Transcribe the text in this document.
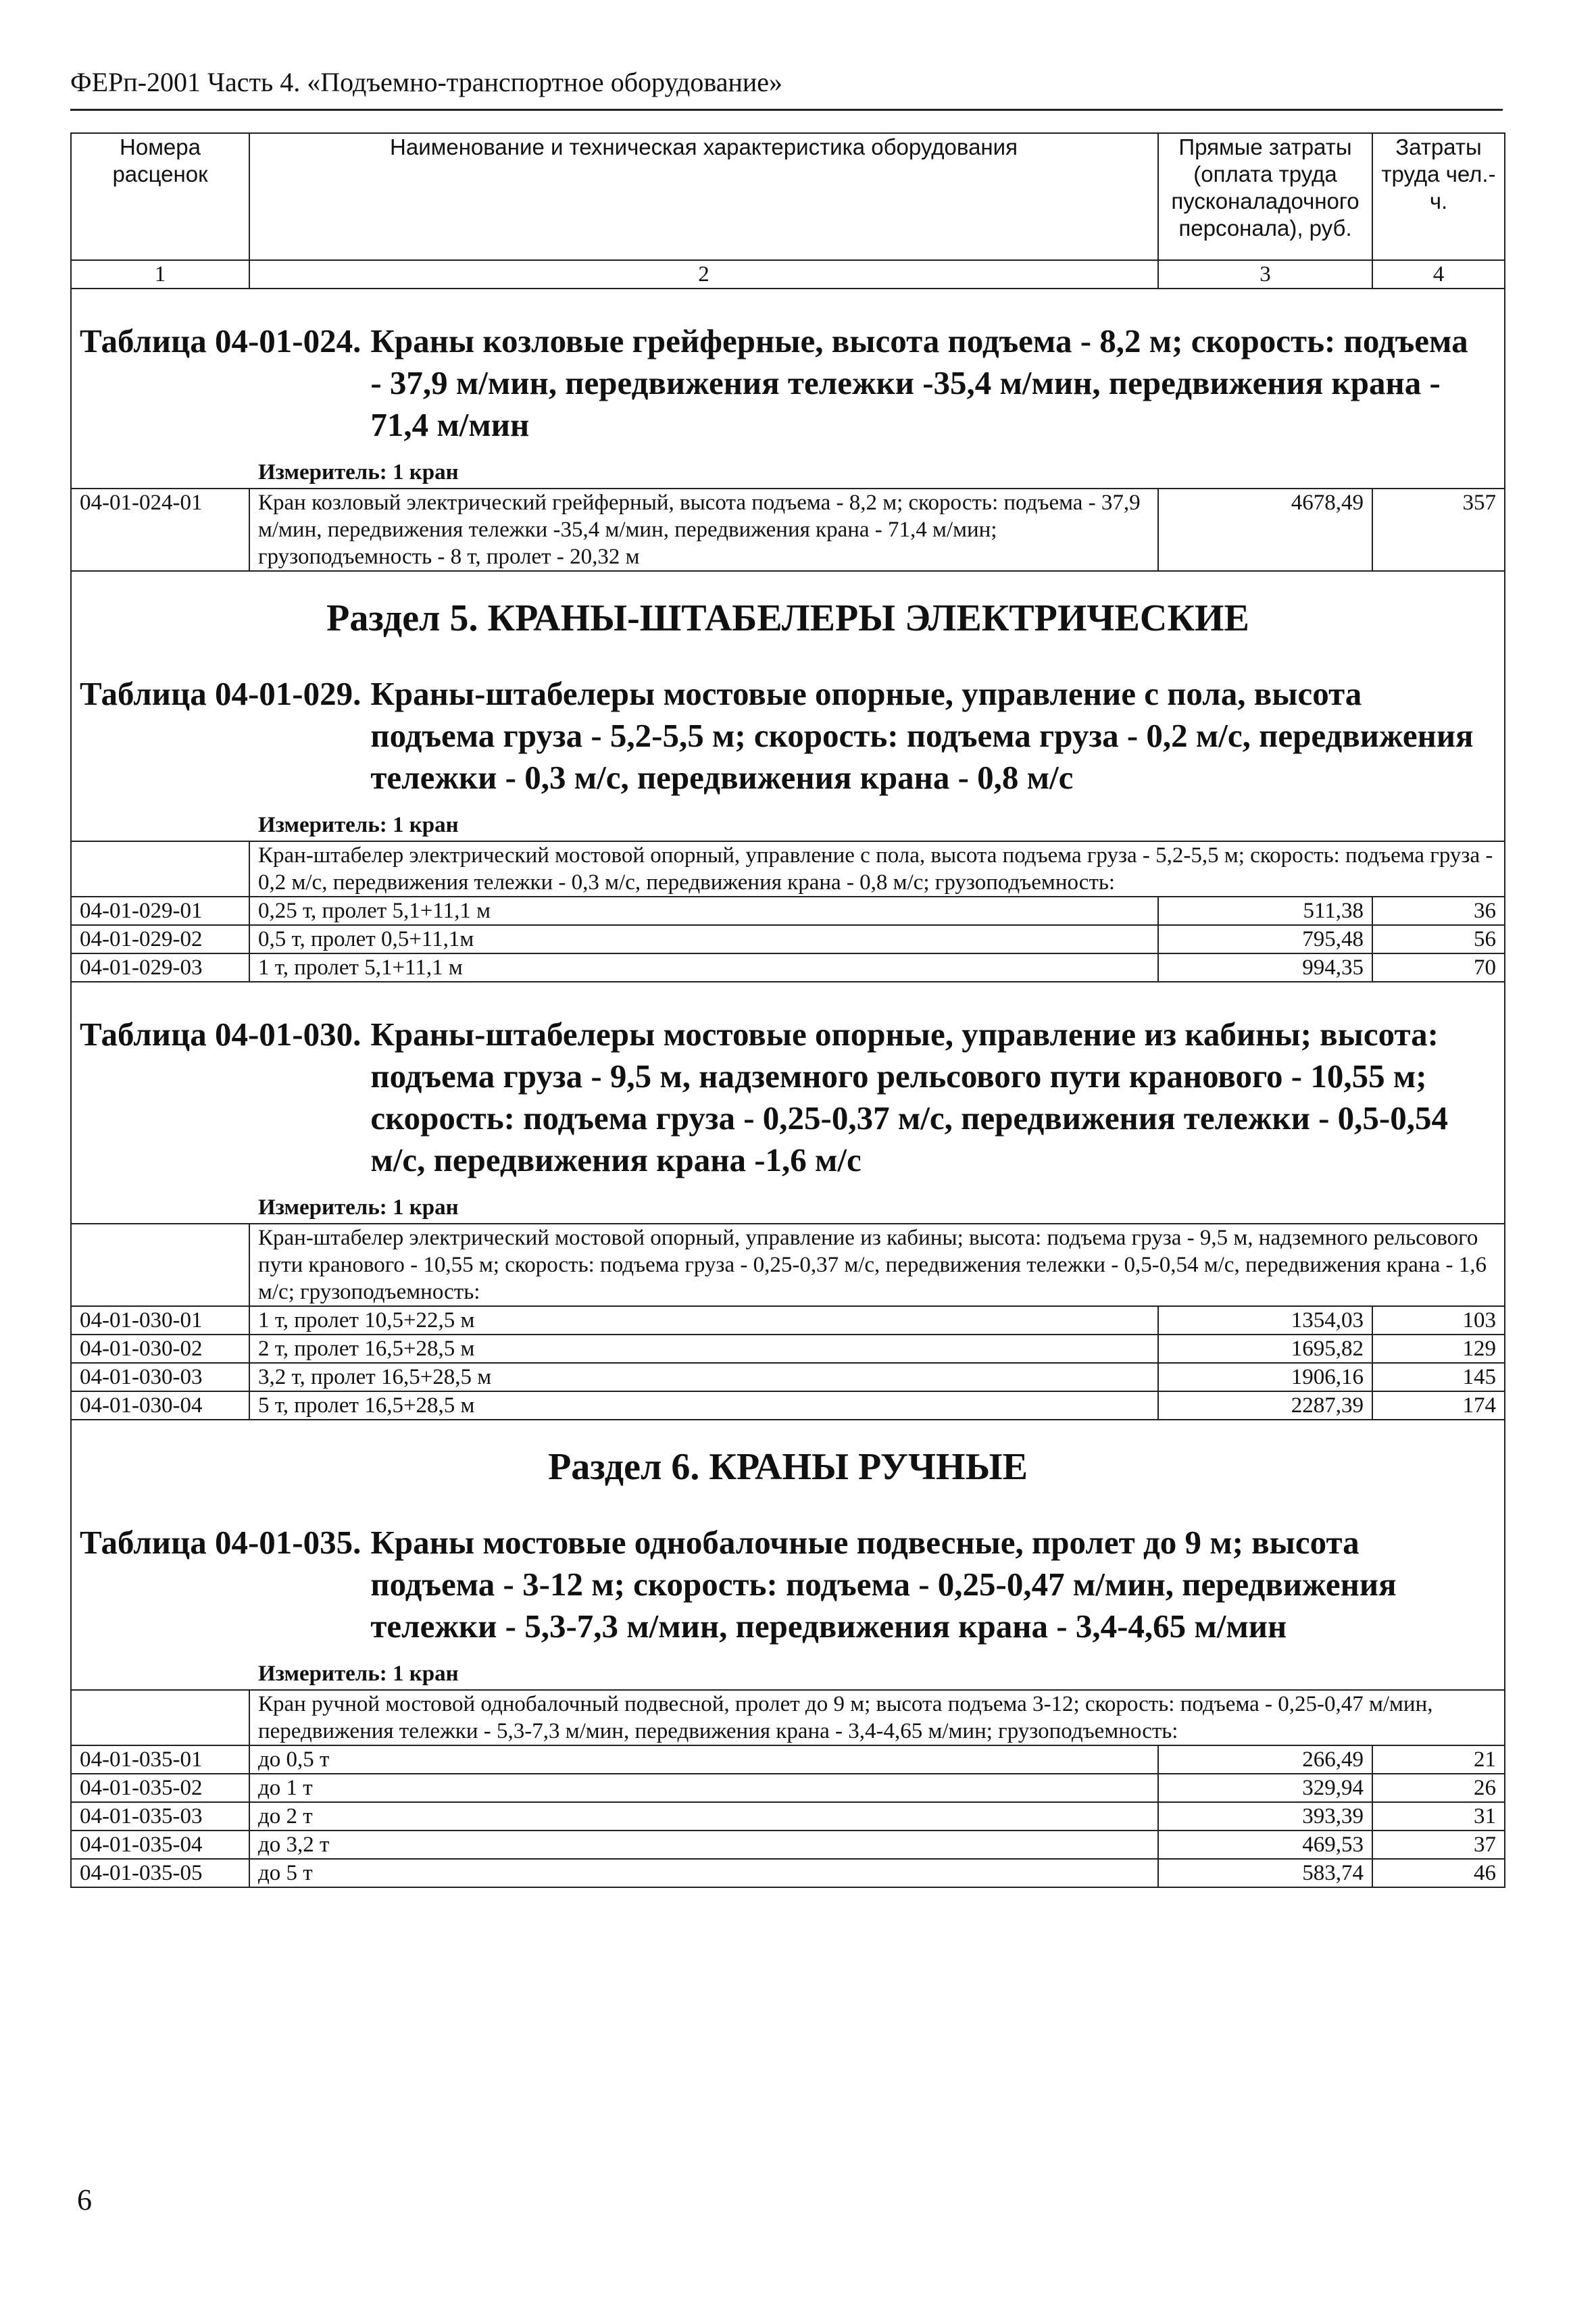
ФЕРп-2001 Часть 4. «Подъемно-транспортное оборудование»
Номера расценок	Наименование и техническая характеристика оборудования	Прямые затраты (оплата труда пусконаладочного персонала), руб.	Затраты труда чел.-ч.
1	2	3	4

Таблица 04-01-024. Краны козловые грейферные, высота подъема - 8,2 м; скорость: подъема - 37,9 м/мин, передвижения тележки -35,4 м/мин, передвижения крана - 71,4 м/мин
Измеритель: 1 кран			

04-01-024-01	Кран козловый электрический грейферный, высота подъема - 8,2 м; скорость: подъема - 37,9 м/мин, передвижения тележки -35,4 м/мин, передвижения крана - 71,4 м/мин; грузоподъемность - 8 т, пролет - 20,32 м	4678,49	357

Раздел 5. КРАНЫ-ШТАБЕЛЕРЫ ЭЛЕКТРИЧЕСКИЕ
Таблица 04-01-029. Краны-штабелеры мостовые опорные, управление с пола, высота подъема груза - 5,2-5,5 м; скорость: подъема груза - 0,2 м/с, передвижения тележки - 0,3 м/с, передвижения крана - 0,8 м/с
Измеритель: 1 кран			

	Кран-штабелер электрический мостовой опорный, управление с пола, высота подъема груза - 5,2-5,5 м; скорость: подъема груза - 0,2 м/с, передвижения тележки - 0,3 м/с, передвижения крана - 0,8 м/с; грузоподъемность:		
04-01-029-01	0,25 т, пролет 5,1+11,1 м	511,38	36
04-01-029-02	0,5 т, пролет 0,5+11,1м	795,48	56
04-01-029-03	1 т, пролет 5,1+11,1 м	994,35	70

Таблица 04-01-030. Краны-штабелеры мостовые опорные, управление из кабины; высота: подъема груза - 9,5 м, надземного рельсового пути кранового - 10,55 м; скорость: подъема груза - 0,25-0,37 м/с, передвижения тележки - 0,5-0,54 м/с, передвижения крана -1,6 м/с
Измеритель: 1 кран			

	Кран-штабелер электрический мостовой опорный, управление из кабины; высота: подъема груза - 9,5 м, надземного рельсового пути кранового - 10,55 м; скорость: подъема груза - 0,25-0,37 м/с, передвижения тележки - 0,5-0,54 м/с, передвижения крана - 1,6 м/с; грузоподъемность:		
04-01-030-01	1 т, пролет 10,5+22,5 м	1354,03	103
04-01-030-02	2 т, пролет 16,5+28,5 м	1695,82	129
04-01-030-03	3,2 т, пролет 16,5+28,5 м	1906,16	145
04-01-030-04	5 т, пролет 16,5+28,5 м	2287,39	174

Раздел 6. КРАНЫ РУЧНЫЕ
Таблица 04-01-035. Краны мостовые однобалочные подвесные, пролет до 9 м; высота подъема - 3-12 м; скорость: подъема - 0,25-0,47 м/мин, передвижения тележки - 5,3-7,3 м/мин, передвижения крана - 3,4-4,65 м/мин
Измеритель: 1 кран			

	Кран ручной мостовой однобалочный подвесной, пролет до 9 м; высота подъема 3-12; скорость: подъема - 0,25-0,47 м/мин, передвижения тележки - 5,3-7,3 м/мин, передвижения крана - 3,4-4,65 м/мин; грузоподъемность:		
04-01-035-01	до 0,5 т	266,49	21
04-01-035-02	до 1 т	329,94	26
04-01-035-03	до 2 т	393,39	31
04-01-035-04	до 3,2 т	469,53	37
04-01-035-05	до 5 т	583,74	46
6
